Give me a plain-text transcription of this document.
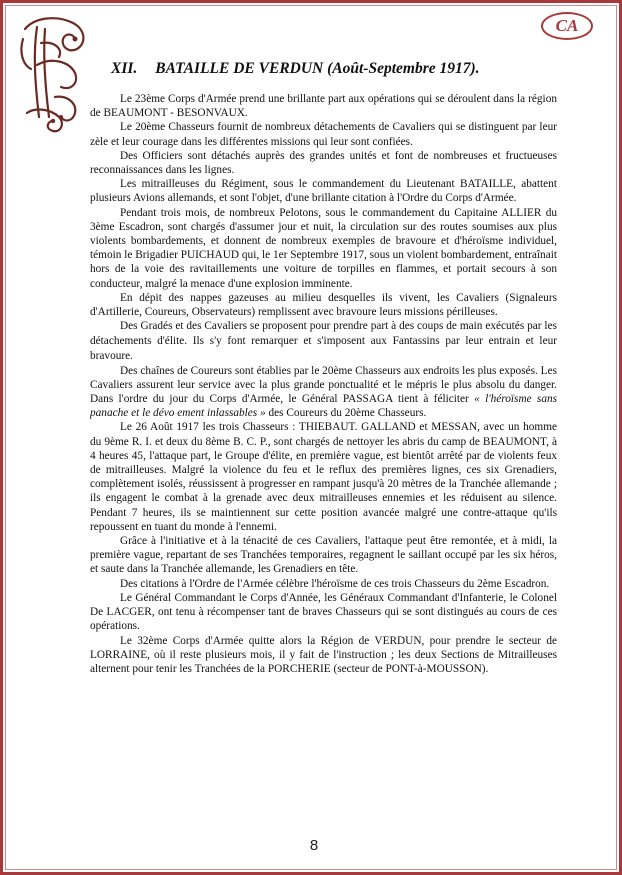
CA
XII. BATAILLE DE VERDUN (Août-Septembre 1917).

Le 23ème Corps d'Armée prend une brillante part aux opérations qui se déroulent dans la région de BEAUMONT - BESONVAUX.

Le 20ème Chasseurs fournit de nombreux détachements de Cavaliers qui se distinguent par leur zèle et leur courage dans les différentes missions qui leur sont confiées.

Des Officiers sont détachés auprès des grandes unités et font de nombreuses et fructueuses reconnaissances dans les lignes.

Les mitrailleuses du Régiment, sous le commandement du Lieutenant BATAILLE, abattent plusieurs Avions allemands, et sont l'objet, d'une brillante citation à l'Ordre du Corps d'Armée.

Pendant trois mois, de nombreux Pelotons, sous le commandement du Capitaine ALLIER du 3ème Escadron, sont chargés d'assumer jour et nuit, la circulation sur des routes soumises aux plus violents bombardements, et donnent de nombreux exemples de bravoure et d'héroïsme individuel, témoin le Brigadier PUICHAUD qui, le 1er Septembre 1917, sous un violent bombardement, entraînait hors de la voie des ravitaillements une voiture de torpilles en flammes, et portait secours à son conducteur, malgré la menace d'une explosion imminente.

En dépit des nappes gazeuses au milieu desquelles ils vivent, les Cavaliers (Signaleurs d'Artillerie, Coureurs, Observateurs) remplissent avec bravoure leurs missions périlleuses.

Des Gradés et des Cavaliers se proposent pour prendre part à des coups de main exécutés par les détachements d'élite. Ils s'y font remarquer et s'imposent aux Fantassins par leur entrain et leur bravoure.

Des chaînes de Coureurs sont établies par le 20ème Chasseurs aux endroits les plus exposés. Les Cavaliers assurent leur service avec la plus grande ponctualité et le mépris le plus absolu du danger. Dans l'ordre du jour du Corps d'Armée, le Général PASSAGA tient à féliciter « l'héroïsme sans panache et le dévo ement inlassables » des Coureurs du 20ème Chasseurs.

Le 26 Août 1917 les trois Chasseurs : THIEBAUT. GALLAND et MESSAN, avec un homme du 9ème R. I. et deux du 8ème B. C. P., sont chargés de nettoyer les abris du camp de BEAUMONT, à 4 heures 45, l'attaque part, le Groupe d'élite, en première vague, est bientôt arrêté par de violents feux de mitrailleuses. Malgré la violence du feu et le reflux des premières lignes, ces six Grenadiers, complètement isolés, réussissent à progresser en rampant jusqu'à 20 mètres de la Tranchée allemande ; ils engagent le combat à la grenade avec deux mitrailleuses ennemies et les réduisent au silence. Pendant 7 heures, ils se maintiennent sur cette position avancée malgré une contre-attaque qu'ils repoussent en tuant du monde à l'ennemi.

Grâce à l'initiative et à la ténacité de ces Cavaliers, l'attaque peut être remontée, et à midi, la première vague, repartant de ses Tranchées temporaires, regagnent le saillant occupé par les six héros, et saute dans la Tranchée allemande, les Grenadiers en tête.

Des citations à l'Ordre de l'Armée célèbre l'héroïsme de ces trois Chasseurs du 2ème Escadron.

Le Général Commandant le Corps d'Année, les Généraux Commandant d'Infanterie, le Colonel De LACGER, ont tenu à récompenser tant de braves Chasseurs qui se sont distingués au cours de ces opérations.

Le 32ème Corps d'Armée quitte alors la Région de VERDUN, pour prendre le secteur de LORRAINE, où il reste plusieurs mois, il y fait de l'instruction ; les deux Sections de Mitrailleuses alternent pour tenir les Tranchées de la PORCHERIE (secteur de PONT-à-MOUSSON).

8
